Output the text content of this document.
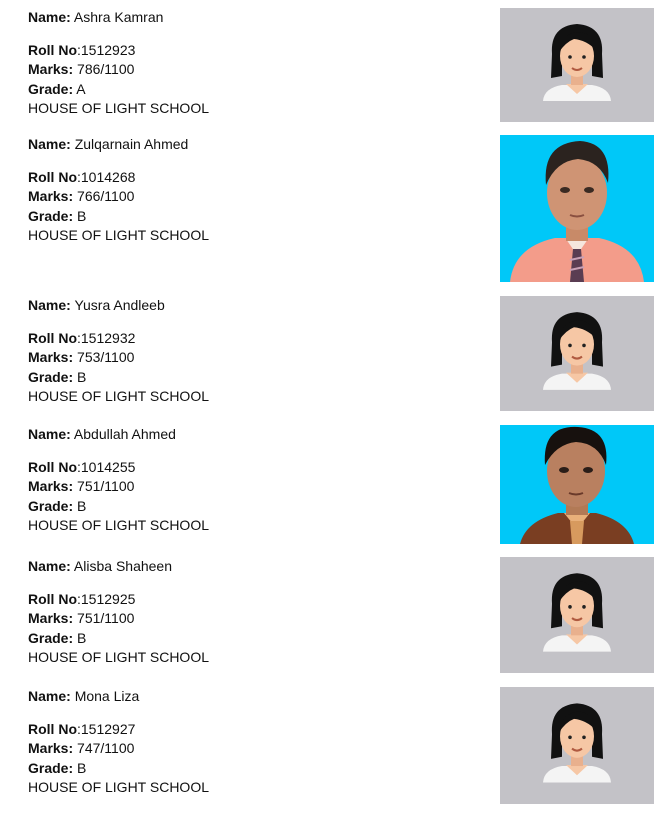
Name: Ashra Kamran
Roll No:1512923
Marks: 786/1100
Grade: A
HOUSE OF LIGHT SCHOOL
Name: Zulqarnain Ahmed
Roll No:1014268
Marks: 766/1100
Grade: B
HOUSE OF LIGHT SCHOOL
Name: Yusra Andleeb
Roll No:1512932
Marks: 753/1100
Grade: B
HOUSE OF LIGHT SCHOOL
Name: Abdullah Ahmed
Roll No:1014255
Marks: 751/1100
Grade: B
HOUSE OF LIGHT SCHOOL
Name: Alisba Shaheen
Roll No:1512925
Marks: 751/1100
Grade: B
HOUSE OF LIGHT SCHOOL
Name: Mona Liza
Roll No:1512927
Marks: 747/1100
Grade: B
HOUSE OF LIGHT SCHOOL
